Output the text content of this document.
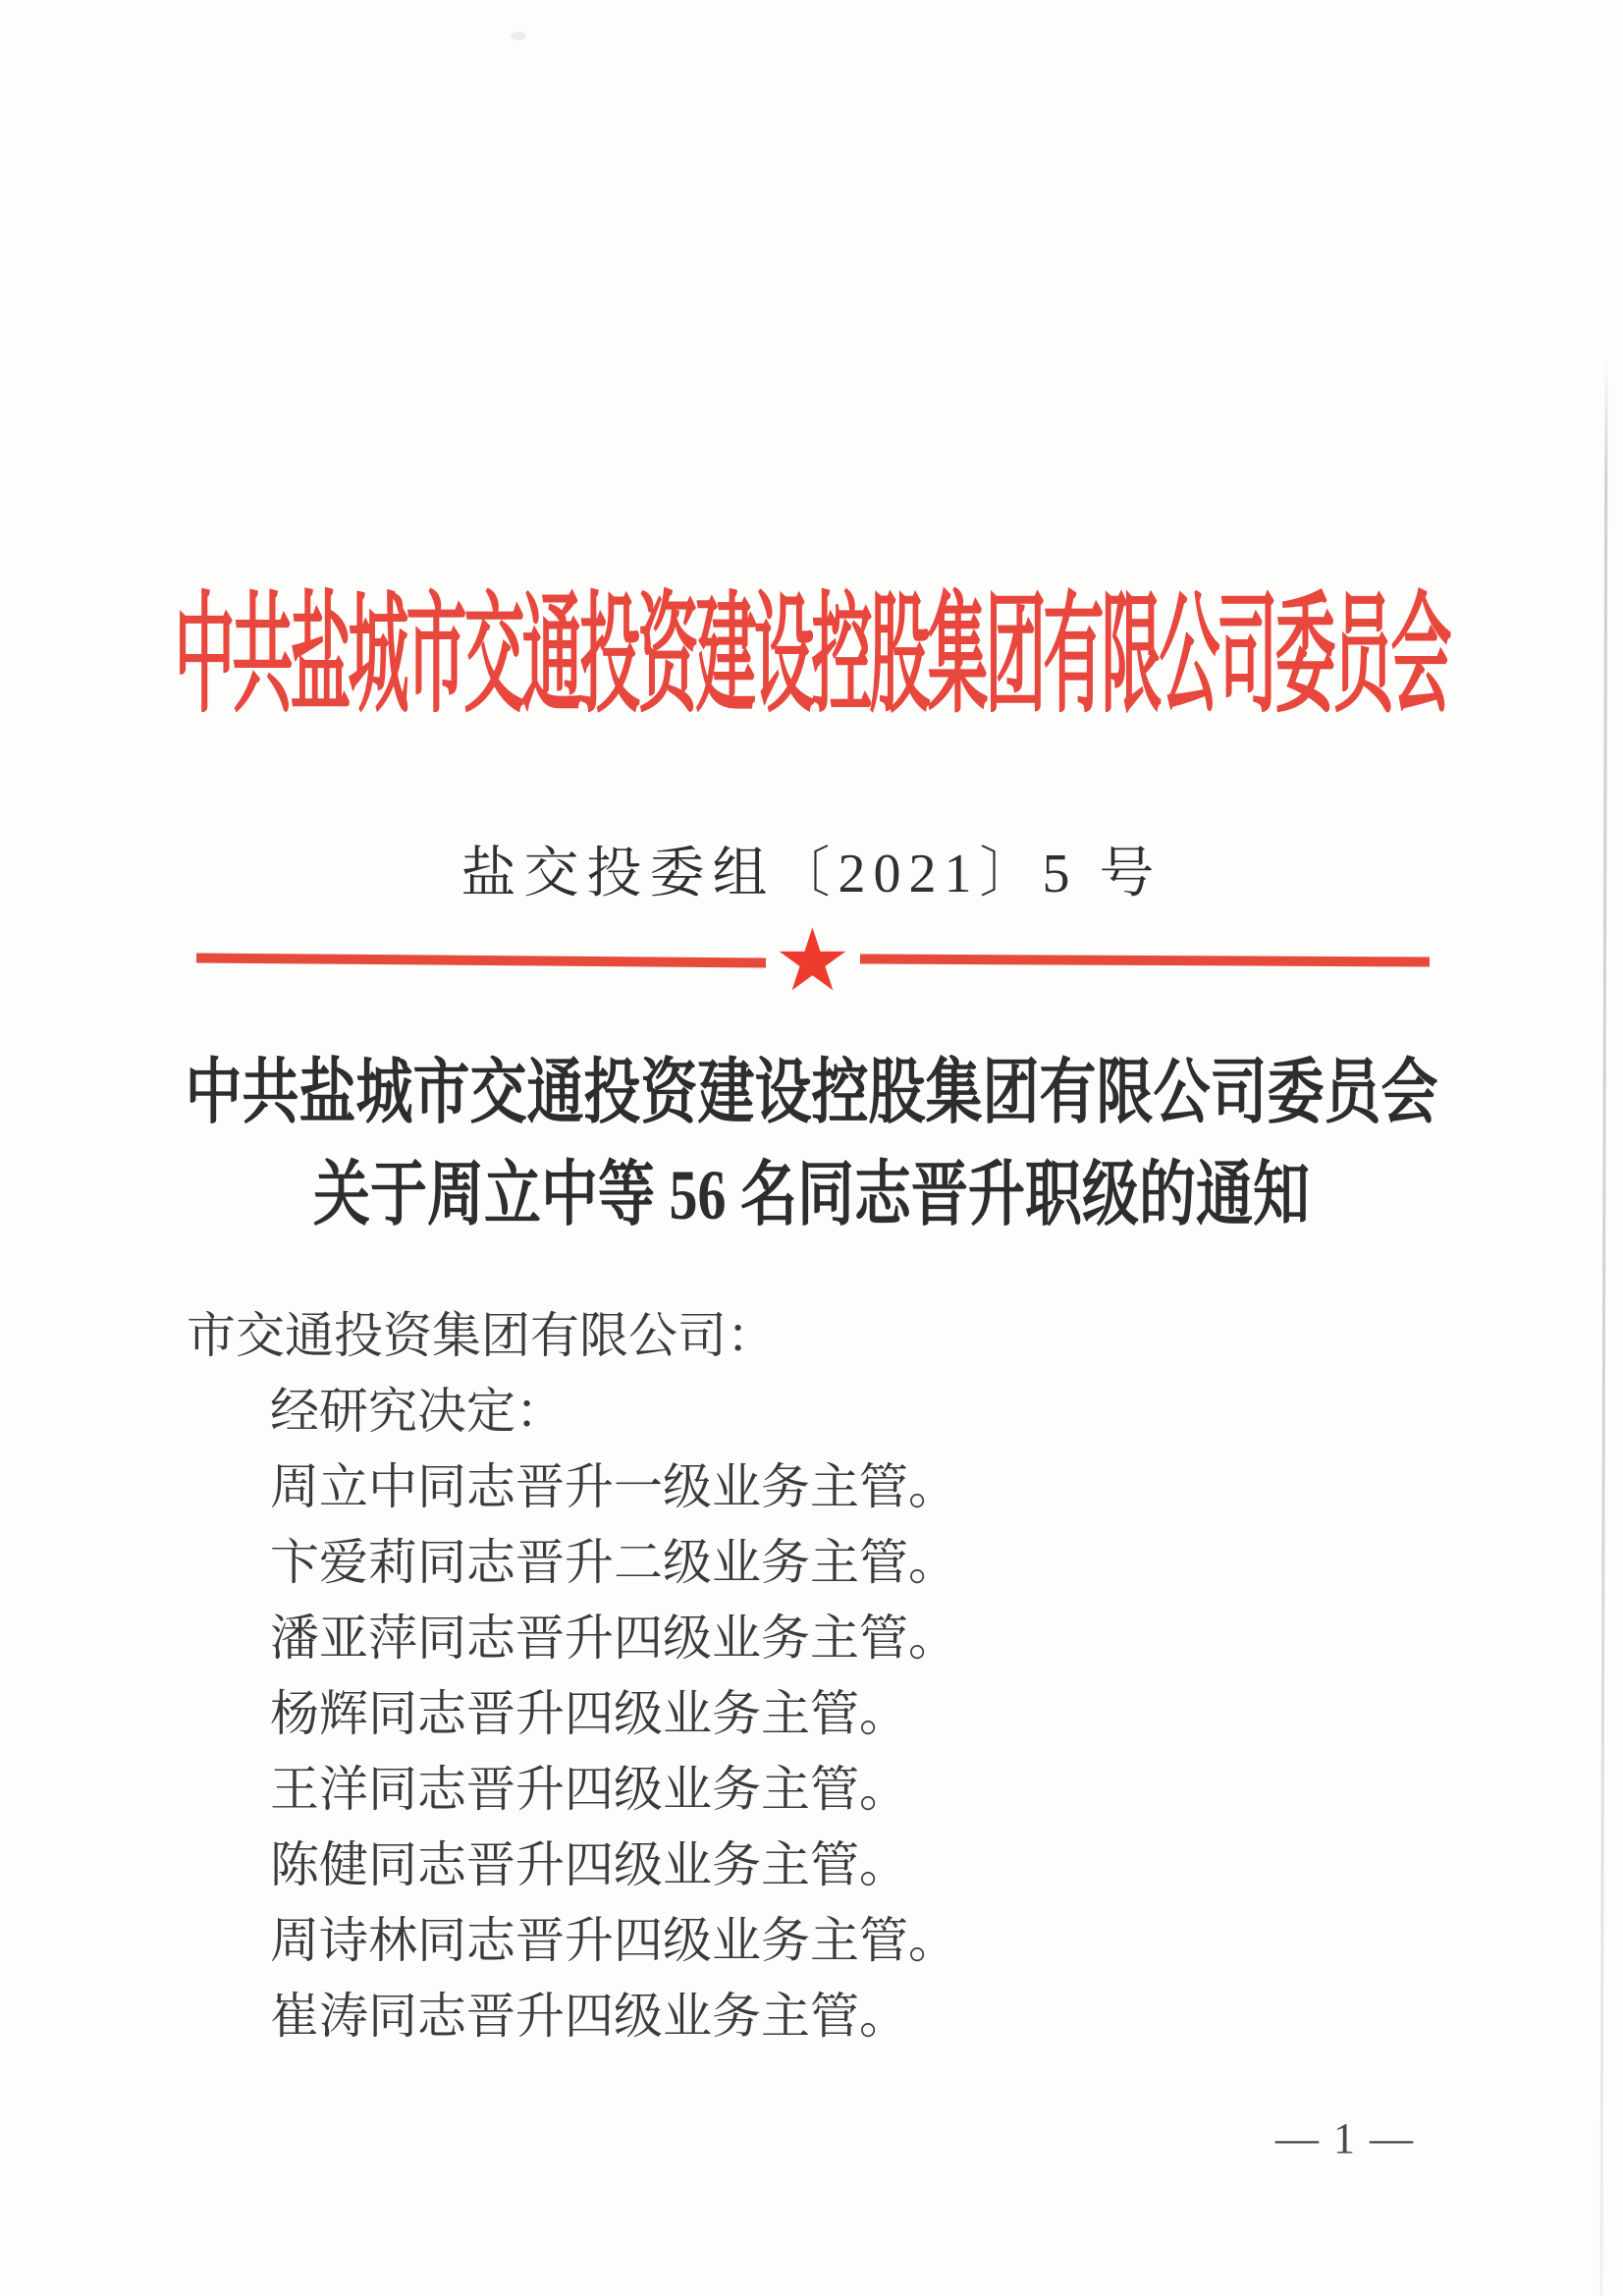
中共盐城市交通投资建设控股集团有限公司委员会
盐交投委组〔2021〕5 号
★
中共盐城市交通投资建设控股集团有限公司委员会
关于周立中等 56 名同志晋升职级的通知
市交通投资集团有限公司：
经研究决定：
周立中同志晋升一级业务主管。
卞爱莉同志晋升二级业务主管。
潘亚萍同志晋升四级业务主管。
杨辉同志晋升四级业务主管。
王洋同志晋升四级业务主管。
陈健同志晋升四级业务主管。
周诗林同志晋升四级业务主管。
崔涛同志晋升四级业务主管。
— 1 —
